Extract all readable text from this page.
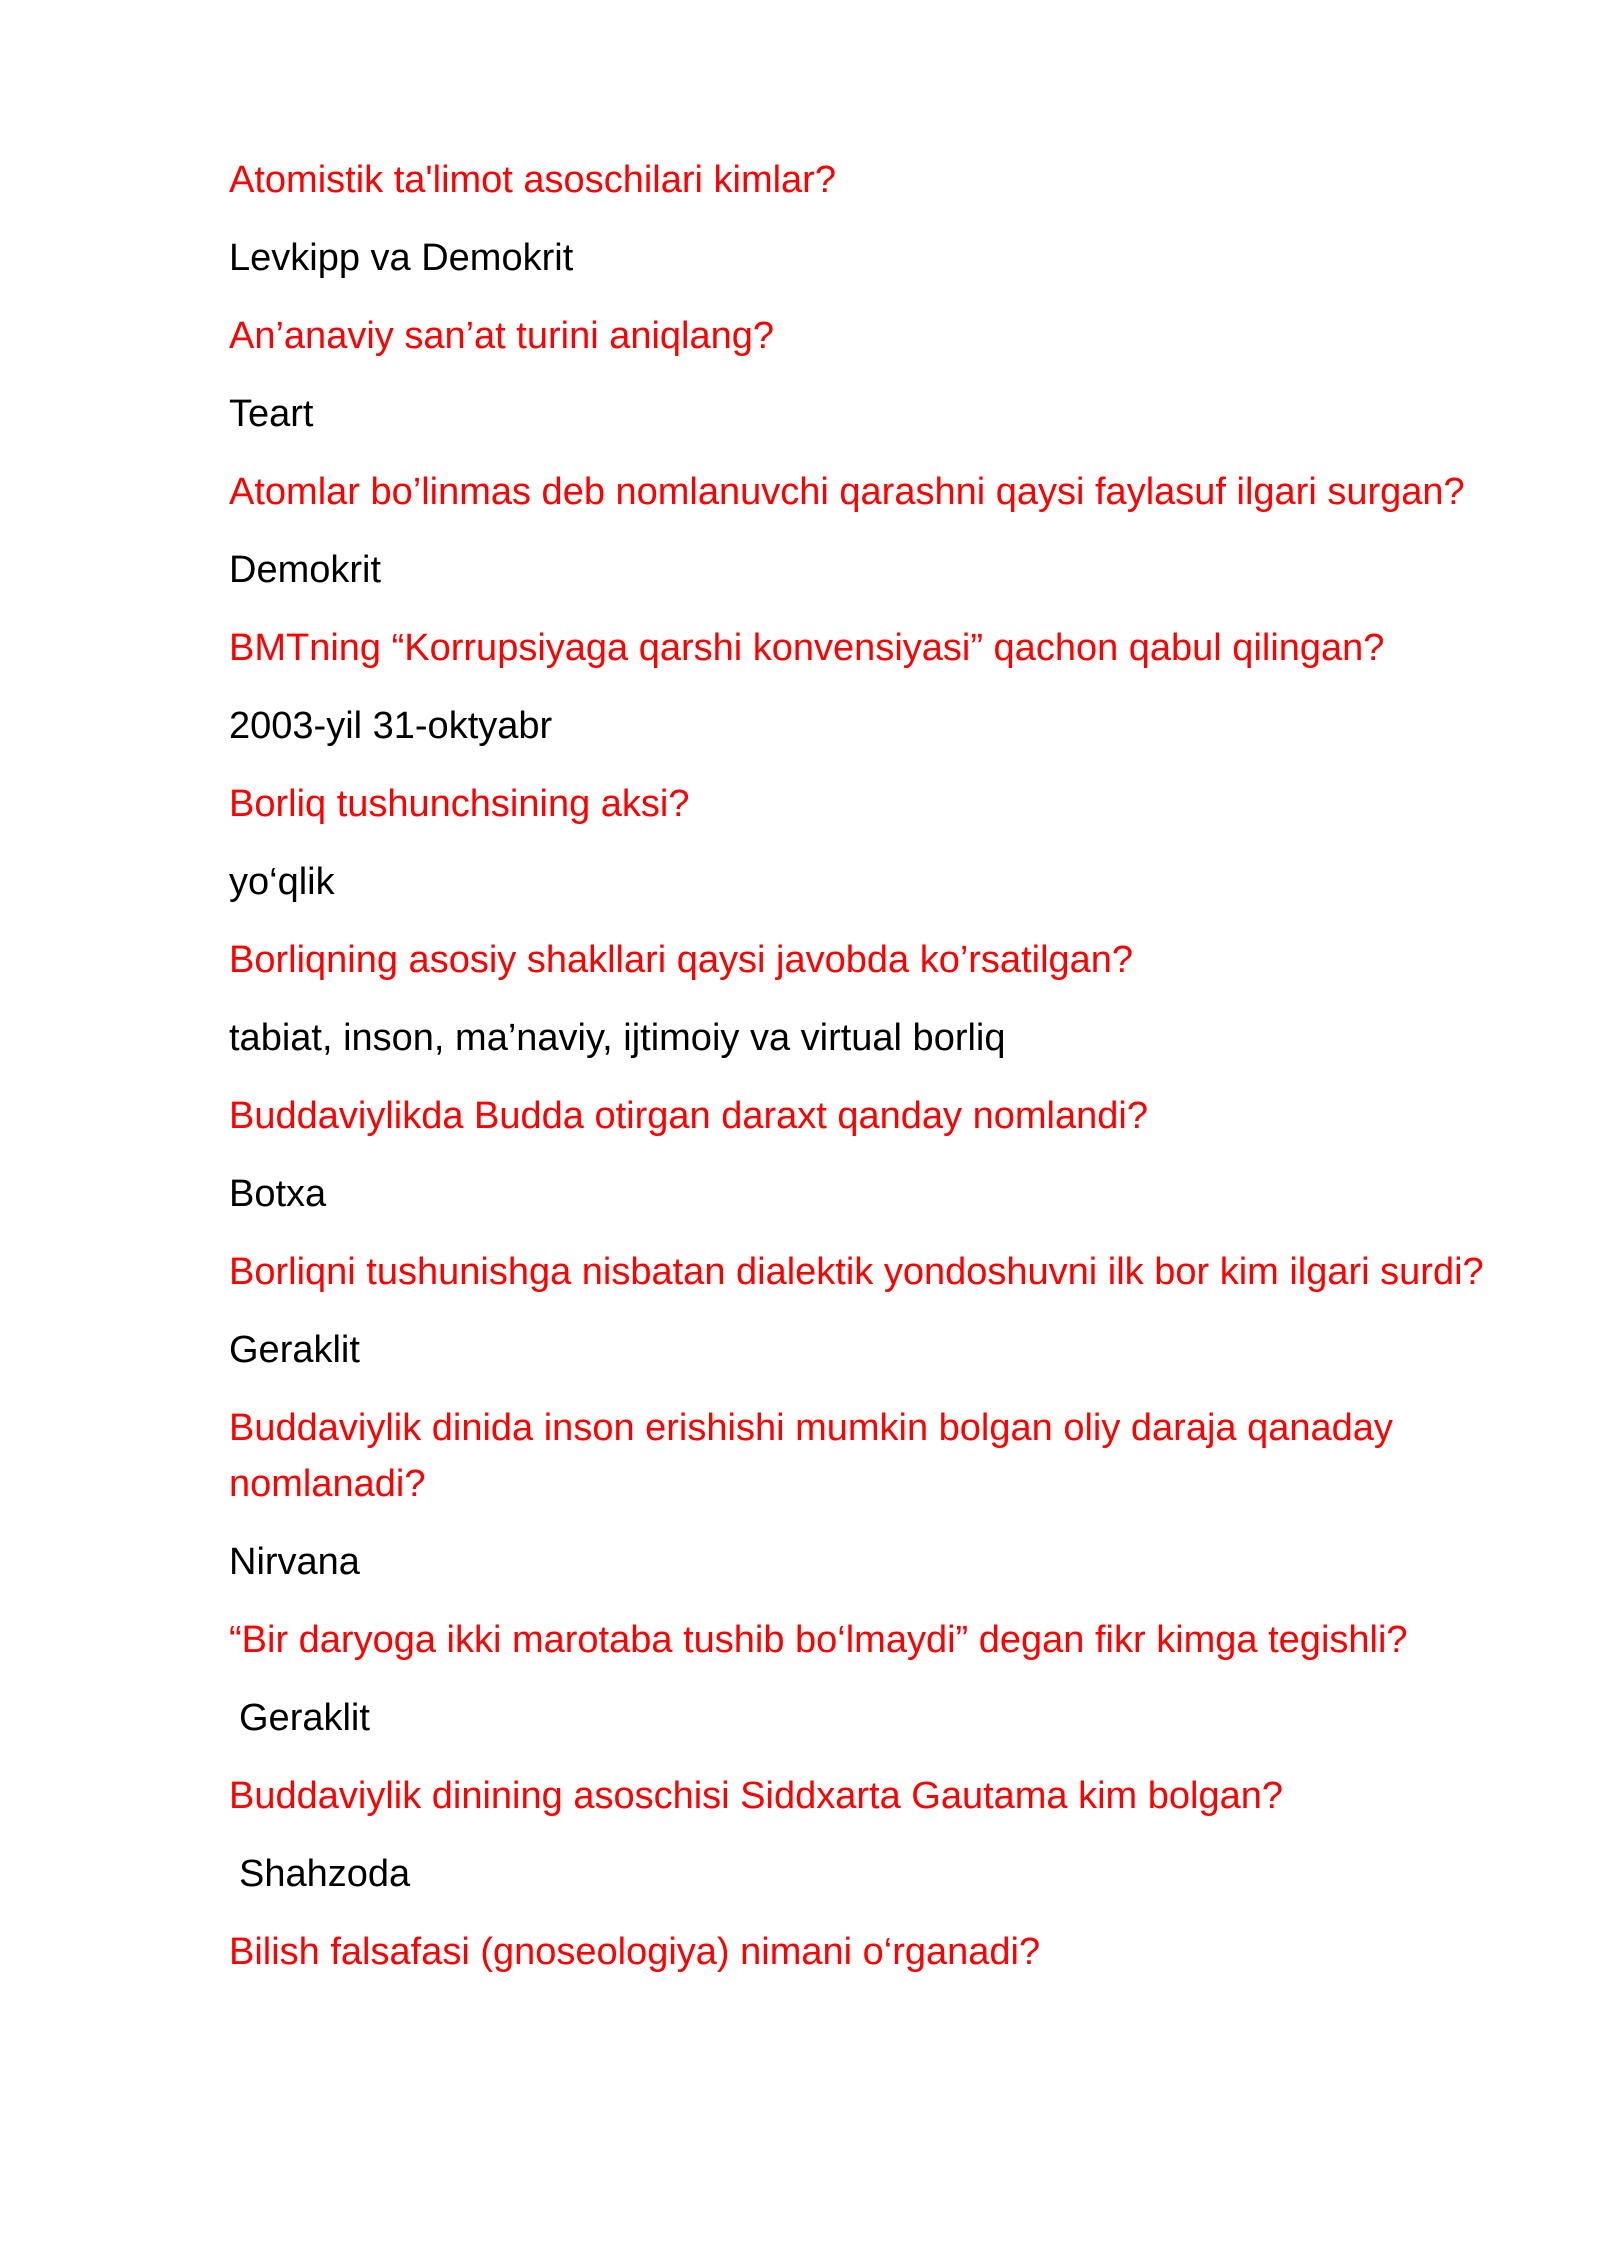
Atomistik ta'limot asoschilari kimlar?
Levkipp va Demokrit
An’anaviy san’at turini aniqlang?
Teart
Atomlar bo’linmas deb nomlanuvchi qarashni qaysi faylasuf ilgari surgan?
Demokrit
BMTning “Korrupsiyaga qarshi konvensiyasi” qachon qabul qilingan?
2003-yil 31-oktyabr
Borliq tushunchsining aksi?
yo‘qlik
Borliqning asosiy shakllari qaysi javobda ko’rsatilgan?
tabiat, inson, ma’naviy, ijtimoiy va virtual borliq
Buddaviylikda Budda otirgan daraxt qanday nomlandi?
Botxa
Borliqni tushunishga nisbatan dialektik yondoshuvni ilk bor kim ilgari surdi?
Geraklit
Buddaviylik dinida inson erishishi mumkin bolgan oliy daraja qanaday nomlanadi?
Nirvana
“Bir daryoga ikki marotaba tushib bo‘lmaydi” degan fikr kimga tegishli?
Geraklit
Buddaviylik dinining asoschisi Siddxarta Gautama kim bolgan?
Shahzoda
Bilish falsafasi (gnoseologiya) nimani o‘rganadi?
